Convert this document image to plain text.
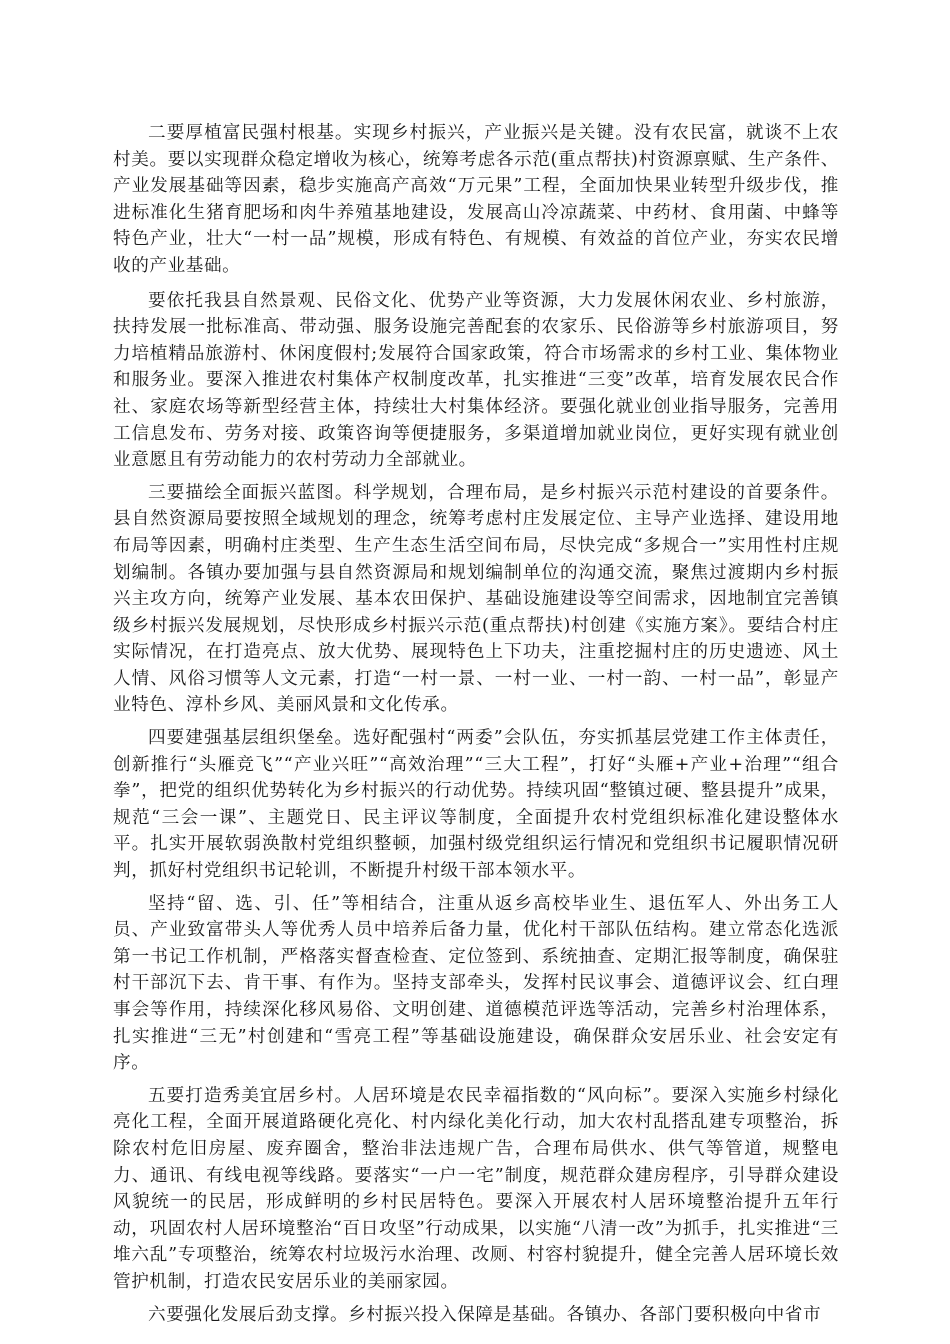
二要厚植富民强村根基。实现乡村振兴，产业振兴是关键。没有农民富，就谈不上农村美。要以实现群众稳定增收为核心，统筹考虑各示范(重点帮扶)村资源禀赋、生产条件、产业发展基础等因素，稳步实施高产高效“万元果”工程，全面加快果业转型升级步伐，推进标准化生猪育肥场和肉牛养殖基地建设，发展高山冷凉蔬菜、中药材、食用菌、中蜂等特色产业，壮大“一村一品”规模，形成有特色、有规模、有效益的首位产业，夯实农民增收的产业基础。

要依托我县自然景观、民俗文化、优势产业等资源，大力发展休闲农业、乡村旅游，扶持发展一批标准高、带动强、服务设施完善配套的农家乐、民俗游等乡村旅游项目，努力培植精品旅游村、休闲度假村;发展符合国家政策，符合市场需求的乡村工业、集体物业和服务业。要深入推进农村集体产权制度改革，扎实推进“三变”改革，培育发展农民合作社、家庭农场等新型经营主体，持续壮大村集体经济。要强化就业创业指导服务，完善用工信息发布、劳务对接、政策咨询等便捷服务，多渠道增加就业岗位，更好实现有就业创业意愿且有劳动能力的农村劳动力全部就业。

三要描绘全面振兴蓝图。科学规划，合理布局，是乡村振兴示范村建设的首要条件。县自然资源局要按照全域规划的理念，统筹考虑村庄发展定位、主导产业选择、建设用地布局等因素，明确村庄类型、生产生态生活空间布局，尽快完成“多规合一”实用性村庄规划编制。各镇办要加强与县自然资源局和规划编制单位的沟通交流，聚焦过渡期内乡村振兴主攻方向，统筹产业发展、基本农田保护、基础设施建设等空间需求，因地制宜完善镇级乡村振兴发展规划，尽快形成乡村振兴示范(重点帮扶)村创建《实施方案》。要结合村庄实际情况，在打造亮点、放大优势、展现特色上下功夫，注重挖掘村庄的历史遗迹、风土人情、风俗习惯等人文元素，打造“一村一景、一村一业、一村一韵、一村一品”，彰显产业特色、淳朴乡风、美丽风景和文化传承。

四要建强基层组织堡垒。选好配强村“两委”会队伍，夯实抓基层党建工作主体责任，创新推行“头雁竞飞”“产业兴旺”“高效治理”“三大工程”，打好“头雁+产业+治理”“组合拳”，把党的组织优势转化为乡村振兴的行动优势。持续巩固“整镇过硬、整县提升”成果，规范“三会一课”、主题党日、民主评议等制度，全面提升农村党组织标准化建设整体水平。扎实开展软弱涣散村党组织整顿，加强村级党组织运行情况和党组织书记履职情况研判，抓好村党组织书记轮训，不断提升村级干部本领水平。

坚持“留、选、引、任”等相结合，注重从返乡高校毕业生、退伍军人、外出务工人员、产业致富带头人等优秀人员中培养后备力量，优化村干部队伍结构。建立常态化选派第一书记工作机制，严格落实督查检查、定位签到、系统抽查、定期汇报等制度，确保驻村干部沉下去、肯干事、有作为。坚持支部牵头，发挥村民议事会、道德评议会、红白理事会等作用，持续深化移风易俗、文明创建、道德模范评选等活动，完善乡村治理体系，扎实推进“三无”村创建和“雪亮工程”等基础设施建设，确保群众安居乐业、社会安定有序。

五要打造秀美宜居乡村。人居环境是农民幸福指数的“风向标”。要深入实施乡村绿化亮化工程，全面开展道路硬化亮化、村内绿化美化行动，加大农村乱搭乱建专项整治，拆除农村危旧房屋、废弃圈舍，整治非法违规广告，合理布局供水、供气等管道，规整电力、通讯、有线电视等线路。要落实“一户一宅”制度，规范群众建房程序，引导群众建设风貌统一的民居，形成鲜明的乡村民居特色。要深入开展农村人居环境整治提升五年行动，巩固农村人居环境整治“百日攻坚”行动成果，以实施“八清一改”为抓手，扎实推进“三堆六乱”专项整治，统筹农村垃圾污水治理、改厕、村容村貌提升，健全完善人居环境长效管护机制，打造农民安居乐业的美丽家园。

六要强化发展后劲支撑。乡村振兴投入保障是基础。各镇办、各部门要积极向中省市
